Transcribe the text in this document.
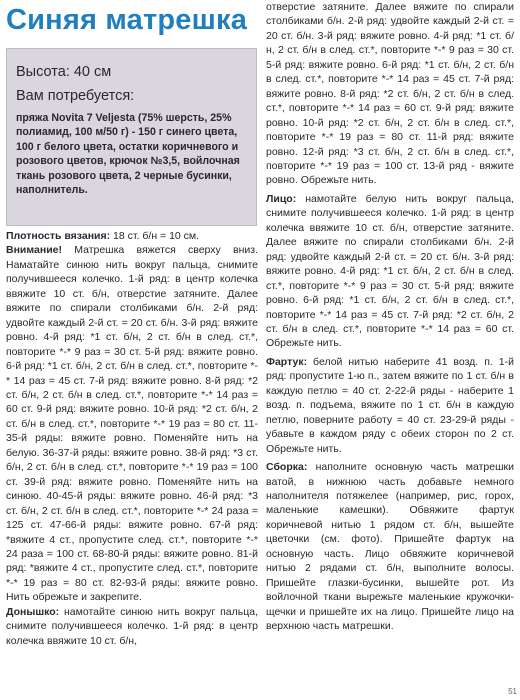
Синяя матрешка

Высота: 40 см

Вам потребуется:

пряжа Novita 7 Veljesta (75% шерсть, 25% полиамид, 100 м/50 г) - 150 г синего цвета, 100 г белого цвета, остатки коричневого и розового цветов, крючок №3,5, войлочная ткань розового цвета, 2 черные бусинки, наполнитель.

Плотность вязания: 18 ст. б/н = 10 см.

Внимание! Матрешка вяжется сверху вниз. Наматайте синюю нить вокруг пальца, снимите получившееся колечко. 1-й ряд: в центр колечка ввяжите 10 ст. б/н, отверстие затяните. Далее вяжите по спирали столбиками б/н. 2-й ряд: удвойте каждый 2-й ст. = 20 ст. б/н. 3-й ряд: вяжите ровно. 4-й ряд: *1 ст. б/н, 2 ст. б/н в след. ст.*, повторите *-* 9 раз = 30 ст. 5-й ряд: вяжите ровно. 6-й ряд: *1 ст. б/н, 2 ст. б/н в след. ст.*, повторите *-* 14 раз = 45 ст. 7-й ряд: вяжите ровно. 8-й ряд: *2 ст. б/н, 2 ст. б/н в след. ст.*, повторите *-* 14 раз = 60 ст. 9-й ряд: вяжите ровно. 10-й ряд: *2 ст. б/н, 2 ст. б/н в след. ст.*, повторите *-* 19 раз = 80 ст. 11-35-й ряды: вяжите ровно. Поменяйте нить на белую. 36-37-й ряды: вяжите ровно. 38-й ряд: *3 ст. б/н, 2 ст. б/н в след. ст.*, повторите *-* 19 раз = 100 ст. 39-й ряд: вяжите ровно. Поменяйте нить на синюю. 40-45-й ряды: вяжите ровно. 46-й ряд: *3 ст. б/н, 2 ст. б/н в след. ст.*, повторите *-* 24 раза = 125 ст. 47-66-й ряды: вяжите ровно. 67-й ряд: *вяжите 4 ст., пропустите след. ст.*, повторите *-* 24 раза = 100 ст. 68-80-й ряды: вяжите ровно. 81-й ряд: *вяжите 4 ст., пропустите след. ст.*, повторите *-* 19 раз = 80 ст. 82-93-й ряды: вяжите ровно. Нить обрежьте и закрепите.

Донышко: намотайте синюю нить вокруг пальца, снимите получившееся колечко. 1-й ряд: в центр колечка ввяжите 10 ст. б/н,

отверстие затяните. Далее вяжите по спирали столбиками б/н. 2-й ряд: удвойте каждый 2-й ст. = 20 ст. б/н. 3-й ряд: вяжите ровно. 4-й ряд: *1 ст. б/н, 2 ст. б/н в след. ст.*, повторите *-* 9 раз = 30 ст. 5-й ряд: вяжите ровно. 6-й ряд: *1 ст. б/н, 2 ст. б/н в след. ст.*, повторите *-* 14 раз = 45 ст. 7-й ряд: вяжите ровно. 8-й ряд: *2 ст. б/н, 2 ст. б/н в след. ст.*, повторите *-* 14 раз = 60 ст. 9-й ряд: вяжите ровно. 10-й ряд: *2 ст. б/н, 2 ст. б/н в след. ст.*, повторите *-* 19 раз = 80 ст. 11-й ряд: вяжите ровно. 12-й ряд: *3 ст. б/н, 2 ст. б/н в след. ст.*, повторите *-* 19 раз = 100 ст. 13-й ряд - вяжите ровно. Обрежьте нить.

Лицо: намотайте белую нить вокруг пальца, снимите получившееся колечко. 1-й ряд: в центр колечка ввяжите 10 ст. б/н, отверстие затяните. Далее вяжите по спирали столбиками б/н. 2-й ряд: удвойте каждый 2-й ст. = 20 ст. б/н. 3-й ряд: вяжите ровно. 4-й ряд: *1 ст. б/н, 2 ст. б/н в след. ст.*, повторите *-* 9 раз = 30 ст. 5-й ряд: вяжите ровно. 6-й ряд: *1 ст. б/н, 2 ст. б/н в след. ст.*, повторите *-* 14 раз = 45 ст. 7-й ряд: *2 ст. б/н, 2 ст. б/н в след. ст.*, повторите *-* 14 раз = 60 ст. Обрежьте нить.

Фартук: белой нитью наберите 41 возд. п. 1-й ряд: пропустите 1-ю п., затем вяжите по 1 ст. б/н в каждую петлю = 40 ст. 2-22-й ряды - наберите 1 возд. п. подъема, вяжите по 1 ст. б/н в каждую петлю, поверните работу = 40 ст. 23-29-й ряды - убавьте в каждом ряду с обеих сторон по 2 ст. Обрежьте нить.

Сборка: наполните основную часть матрешки ватой, в нижнюю часть добавьте немного наполнителя потяжелее (например, рис, горох, маленькие камешки). Обвяжите фартук коричневой нитью 1 рядом ст. б/н, вышейте цветочки (см. фото). Пришейте фартук на основную часть. Лицо обвяжите коричневой нитью 2 рядами ст. б/н, выполните волосы. Пришейте глазки-бусинки, вышейте рот. Из войлочной ткани вырежьте маленькие кружочки-щечки и пришейте их на лицо. Пришейте лицо на верхнюю часть матрешки.

51
